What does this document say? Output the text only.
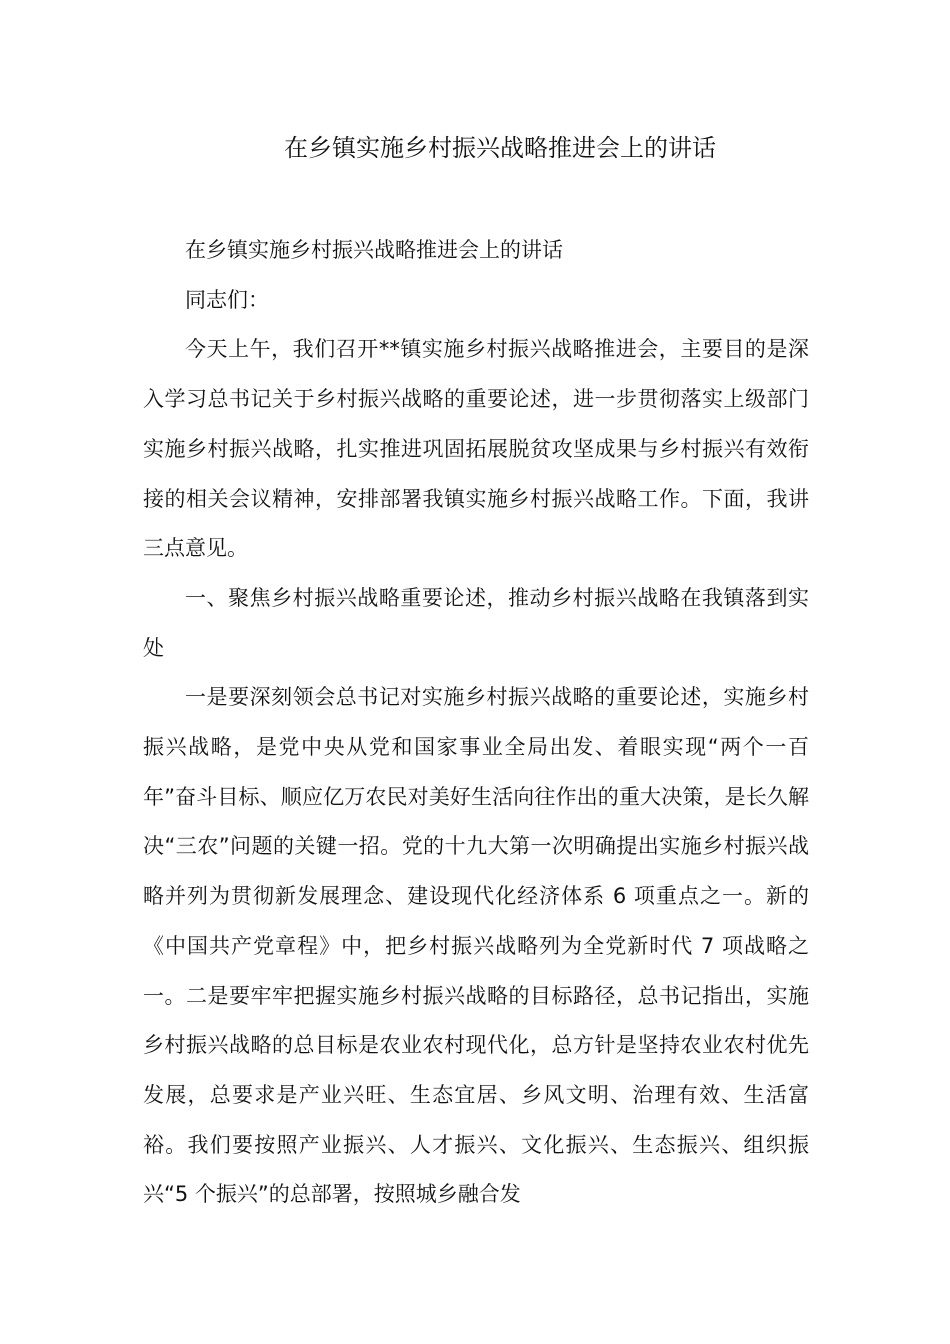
在乡镇实施乡村振兴战略推进会上的讲话

在乡镇实施乡村振兴战略推进会上的讲话

同志们：

今天上午，我们召开**镇实施乡村振兴战略推进会，主要目的是深入学习总书记关于乡村振兴战略的重要论述，进一步贯彻落实上级部门实施乡村振兴战略，扎实推进巩固拓展脱贫攻坚成果与乡村振兴有效衔接的相关会议精神，安排部署我镇实施乡村振兴战略工作。下面，我讲三点意见。

一、聚焦乡村振兴战略重要论述，推动乡村振兴战略在我镇落到实处

一是要深刻领会总书记对实施乡村振兴战略的重要论述，实施乡村振兴战略，是党中央从党和国家事业全局出发、着眼实现“两个一百年”奋斗目标、顺应亿万农民对美好生活向往作出的重大决策，是长久解决“三农”问题的关键一招。党的十九大第一次明确提出实施乡村振兴战略并列为贯彻新发展理念、建设现代化经济体系 6 项重点之一。新的《中国共产党章程》中，把乡村振兴战略列为全党新时代 7 项战略之一。二是要牢牢把握实施乡村振兴战略的目标路径，总书记指出，实施乡村振兴战略的总目标是农业农村现代化，总方针是坚持农业农村优先发展，总要求是产业兴旺、生态宜居、乡风文明、治理有效、生活富裕。我们要按照产业振兴、人才振兴、文化振兴、生态振兴、组织振兴“5 个振兴”的总部署，按照城乡融合发
